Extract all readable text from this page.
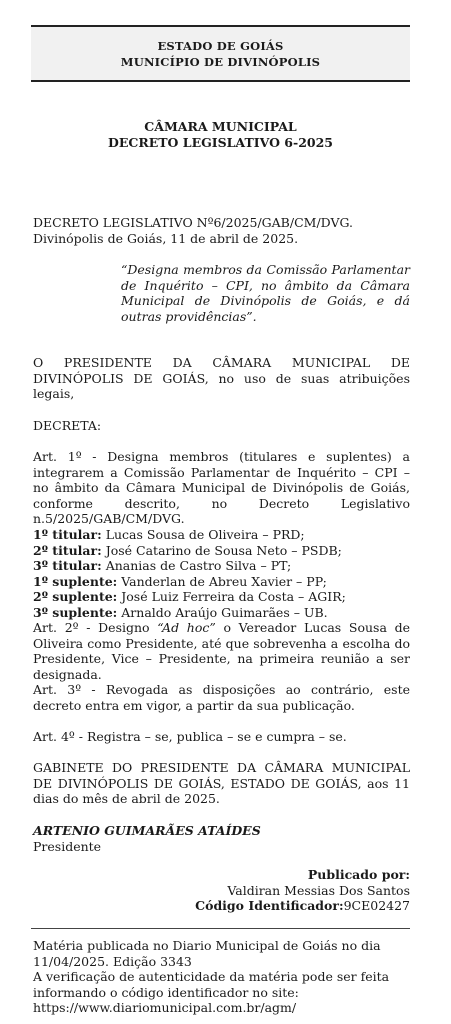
ESTADO DE GOIÁS
MUNICÍPIO DE DIVINÓPOLIS
CÂMARA MUNICIPAL
DECRETO LEGISLATIVO 6-2025
DECRETO LEGISLATIVO Nº6/2025/GAB/CM/DVG.
Divinópolis de Goiás, 11 de abril de 2025.
“Designa membros da Comissão Parlamentar de Inquérito – CPI, no âmbito da Câmara Municipal de Divinópolis de Goiás, e dá outras providências”.
O PRESIDENTE DA CÂMARA MUNICIPAL DE DIVINÓPOLIS DE GOIÁS, no uso de suas atribuições legais,
DECRETA:
Art. 1º - Designa membros (titulares e suplentes) a integrarem a Comissão Parlamentar de Inquérito – CPI – no âmbito da Câmara Municipal de Divinópolis de Goiás, conforme descrito, no Decreto Legislativo n.5/2025/GAB/CM/DVG.
1º titular: Lucas Sousa de Oliveira – PRD;
2º titular: José Catarino de Sousa Neto – PSDB;
3º titular: Ananias de Castro Silva – PT;
1º suplente: Vanderlan de Abreu Xavier – PP;
2º suplente: José Luiz Ferreira da Costa – AGIR;
3º suplente: Arnaldo Araújo Guimarães – UB.
Art. 2º - Designo “Ad hoc” o Vereador Lucas Sousa de Oliveira como Presidente, até que sobrevenha a escolha do Presidente, Vice – Presidente, na primeira reunião a ser designada.
Art. 3º - Revogada as disposições ao contrário, este decreto entra em vigor, a partir da sua publicação.
Art. 4º - Registra – se, publica – se e cumpra – se.
GABINETE DO PRESIDENTE DA CÂMARA MUNICIPAL DE DIVINÓPOLIS DE GOIÁS, ESTADO DE GOIÁS, aos 11 dias do mês de abril de 2025.
ARTENIO GUIMARÃES ATAÍDES
Presidente
Publicado por:
Valdiran Messias Dos Santos
Código Identificador:9CE02427
Matéria publicada no Diario Municipal de Goiás no dia 11/04/2025. Edição 3343
A verificação de autenticidade da matéria pode ser feita informando o código identificador no site:
https://www.diariomunicipal.com.br/agm/
